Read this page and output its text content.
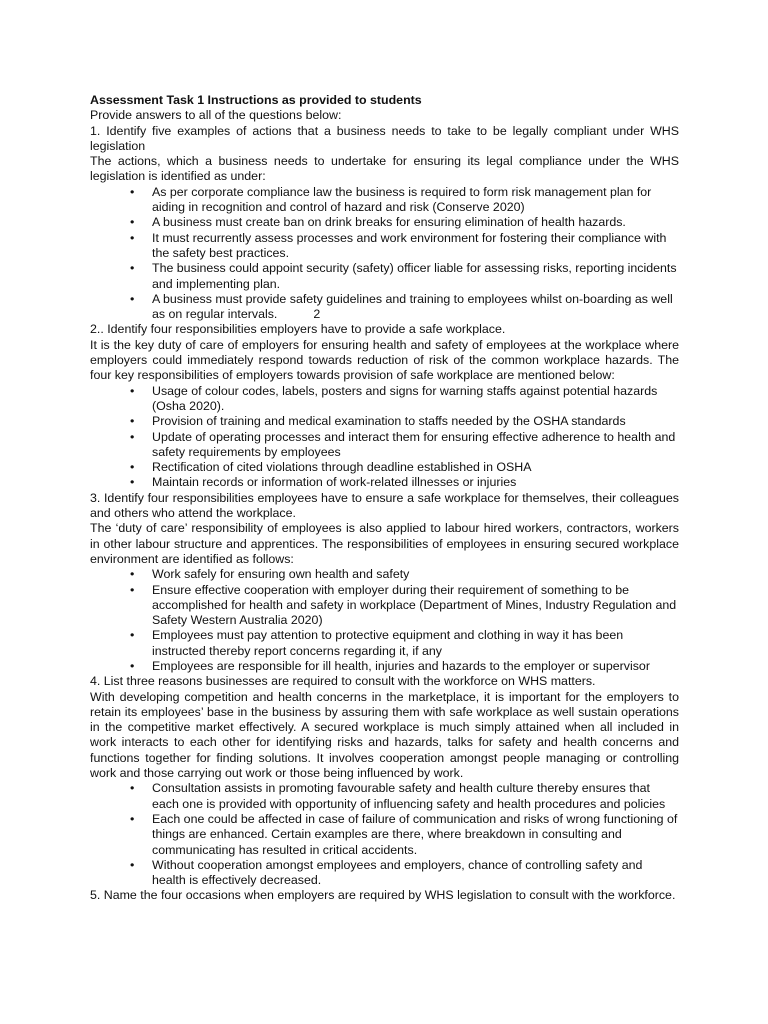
Assessment Task 1 Instructions as provided to students

Provide answers to all of the questions below:

1. Identify five examples of actions that a business needs to take to be legally compliant under WHS legislation

The actions, which a business needs to undertake for ensuring its legal compliance under the WHS legislation is identified as under:

• As per corporate compliance law the business is required to form risk management plan for aiding in recognition and control of hazard and risk (Conserve 2020)
• A business must create ban on drink breaks for ensuring elimination of health hazards.
• It must recurrently assess processes and work environment for fostering their compliance with the safety best practices.
• The business could appoint security (safety) officer liable for assessing risks, reporting incidents and implementing plan.
• A business must provide safety guidelines and training to employees whilst on-boarding as well as on regular intervals.	2

2.. Identify four responsibilities employers have to provide a safe workplace.

It is the key duty of care of employers for ensuring health and safety of employees at the workplace where employers could immediately respond towards reduction of risk of the common workplace hazards. The four key responsibilities of employers towards provision of safe workplace are mentioned below:

• Usage of colour codes, labels, posters and signs for warning staffs against potential hazards (Osha 2020).
• Provision of training and medical examination to staffs needed by the OSHA standards
• Update of operating processes and interact them for ensuring effective adherence to health and safety requirements by employees
• Rectification of cited violations through deadline established in OSHA
• Maintain records or information of work-related illnesses or injuries

3. Identify four responsibilities employees have to ensure a safe workplace for themselves, their colleagues and others who attend the workplace.

The ‘duty of care’ responsibility of employees is also applied to labour hired workers, contractors, workers in other labour structure and apprentices. The responsibilities of employees in ensuring secured workplace environment are identified as follows:

• Work safely for ensuring own health and safety
• Ensure effective cooperation with employer during their requirement of something to be accomplished for health and safety in workplace (Department of Mines, Industry Regulation and Safety Western Australia 2020)
• Employees must pay attention to protective equipment and clothing in way it has been instructed thereby report concerns regarding it, if any
• Employees are responsible for ill health, injuries and hazards to the employer or supervisor

4. List three reasons businesses are required to consult with the workforce on WHS matters.

With developing competition and health concerns in the marketplace, it is important for the employers to retain its employees’ base in the business by assuring them with safe workplace as well sustain operations in the competitive market effectively. A secured workplace is much simply attained when all included in work interacts to each other for identifying risks and hazards, talks for safety and health concerns and functions together for finding solutions. It involves cooperation amongst people managing or controlling work and those carrying out work or those being influenced by work.

• Consultation assists in promoting favourable safety and health culture thereby ensures that each one is provided with opportunity of influencing safety and health procedures and policies
• Each one could be affected in case of failure of communication and risks of wrong functioning of things are enhanced. Certain examples are there, where breakdown in consulting and communicating has resulted in critical accidents.
• Without cooperation amongst employees and employers, chance of controlling safety and health is effectively decreased.

5. Name the four occasions when employers are required by WHS legislation to consult with the workforce.
